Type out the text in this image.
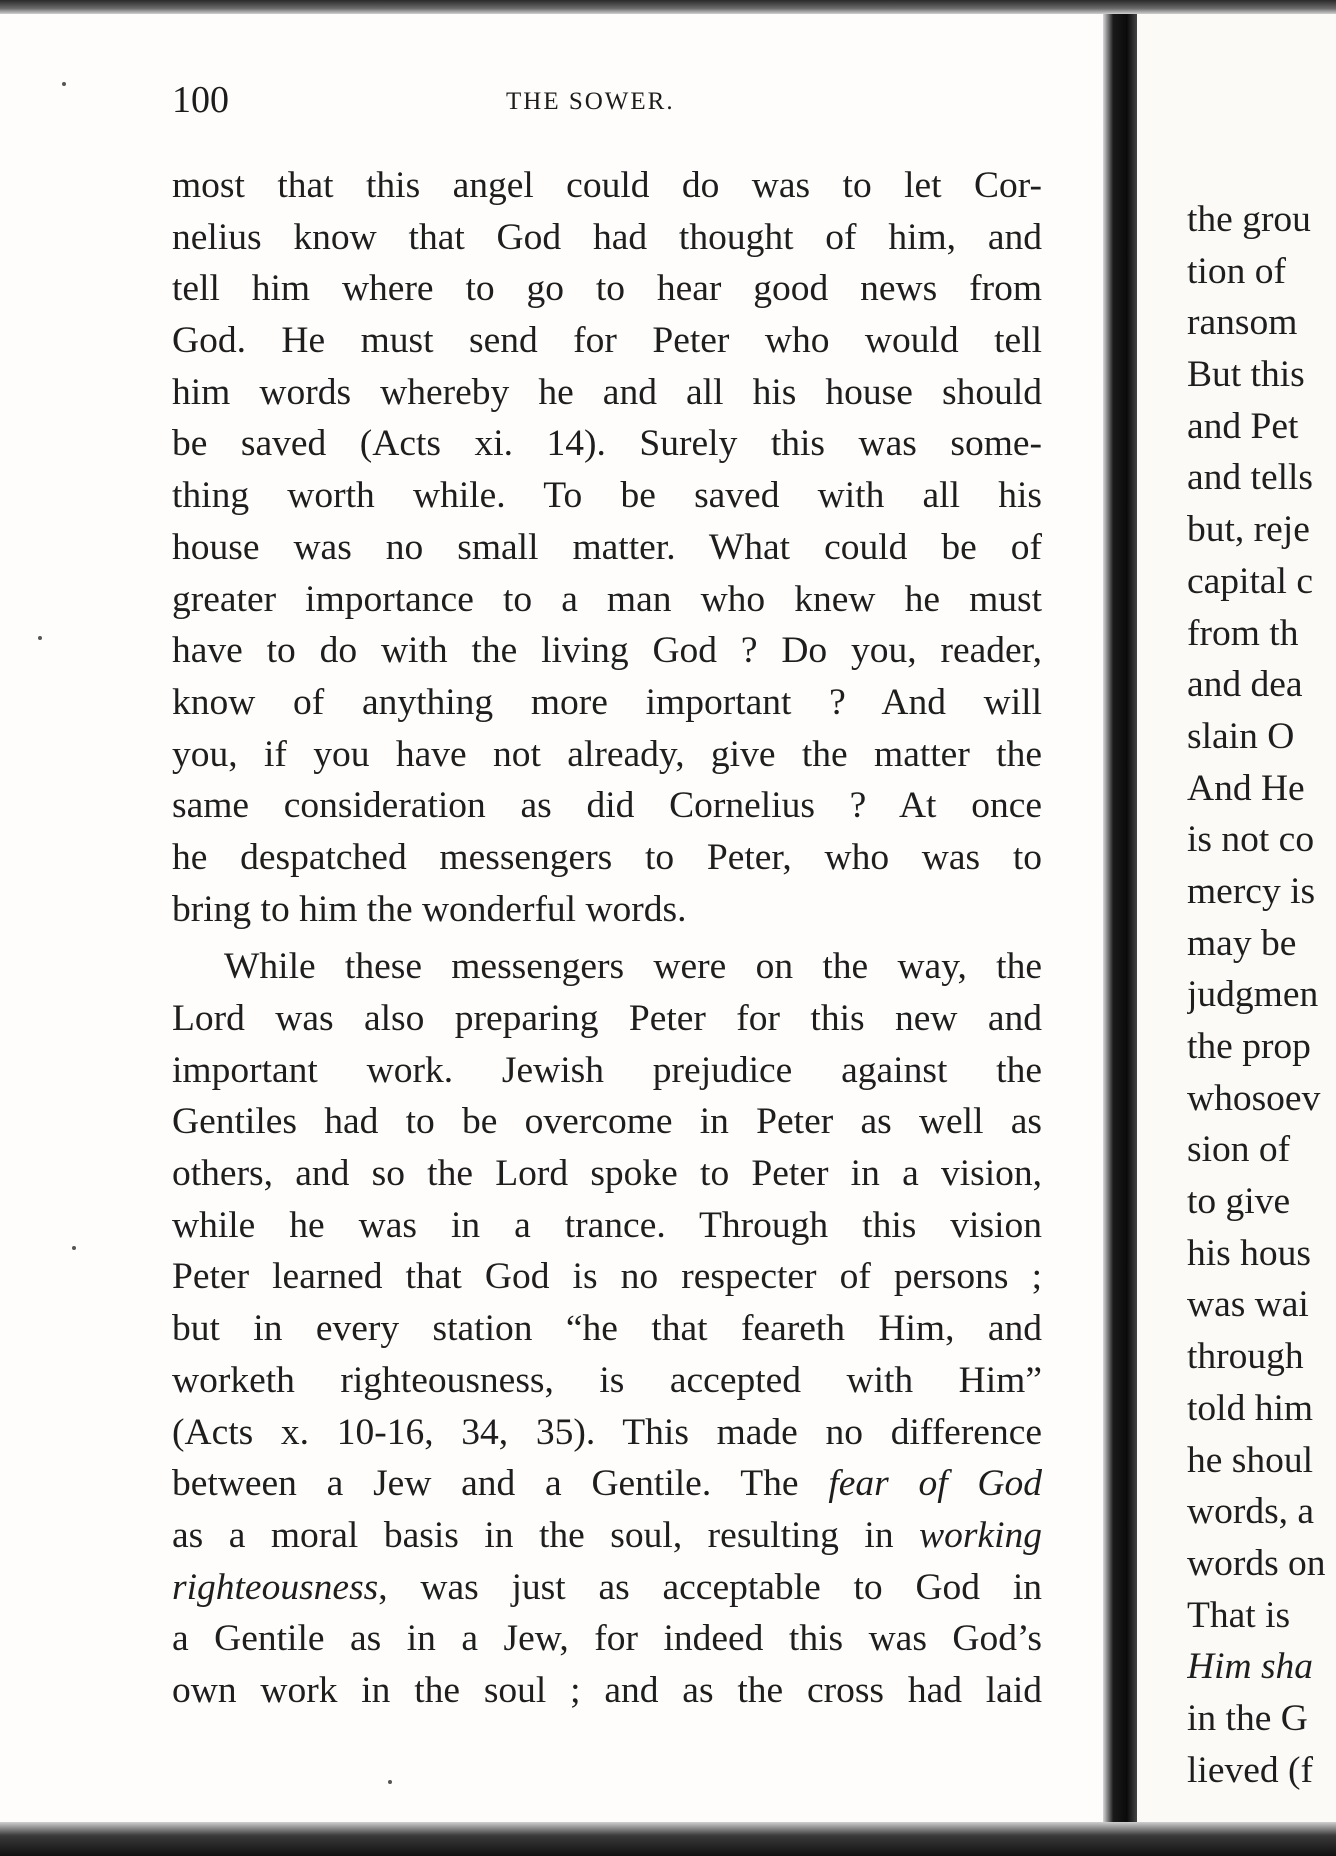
the grou
tion of
ransom
But this
and Pet
and tells
but, reje
capital c
from th
and dea
slain O
And He
is not co
mercy is
may be
judgmen
the prop
whosoev
sion of
to give
his hous
was wai
through
told him
he shoul
words, a
words on
That is
Him sha
in the G
lieved (f
100	THE SOWER.
most that this angel could do was to let Cor-
nelius know that God had thought of him, and
tell him where to go to hear good news from
God. He must send for Peter who would tell
him words whereby he and all his house should
be saved (Acts xi. 14). Surely this was some-
thing worth while. To be saved with all his
house was no small matter. What could be of
greater importance to a man who knew he must
have to do with the living God ? Do you, reader,
know of anything more important ? And will
you, if you have not already, give the matter the
same consideration as did Cornelius ? At once
he despatched messengers to Peter, who was to
bring to him the wonderful words.
While these messengers were on the way, the
Lord was also preparing Peter for this new and
important work. Jewish prejudice against the
Gentiles had to be overcome in Peter as well as
others, and so the Lord spoke to Peter in a vision,
while he was in a trance. Through this vision
Peter learned that God is no respecter of persons ;
but in every station “he that feareth Him, and
worketh righteousness, is accepted with Him”
(Acts x. 10-16, 34, 35). This made no difference
between a Jew and a Gentile. The fear of God
as a moral basis in the soul, resulting in working
righteousness, was just as acceptable to God in
a Gentile as in a Jew, for indeed this was God’s
own work in the soul ; and as the cross had laid
